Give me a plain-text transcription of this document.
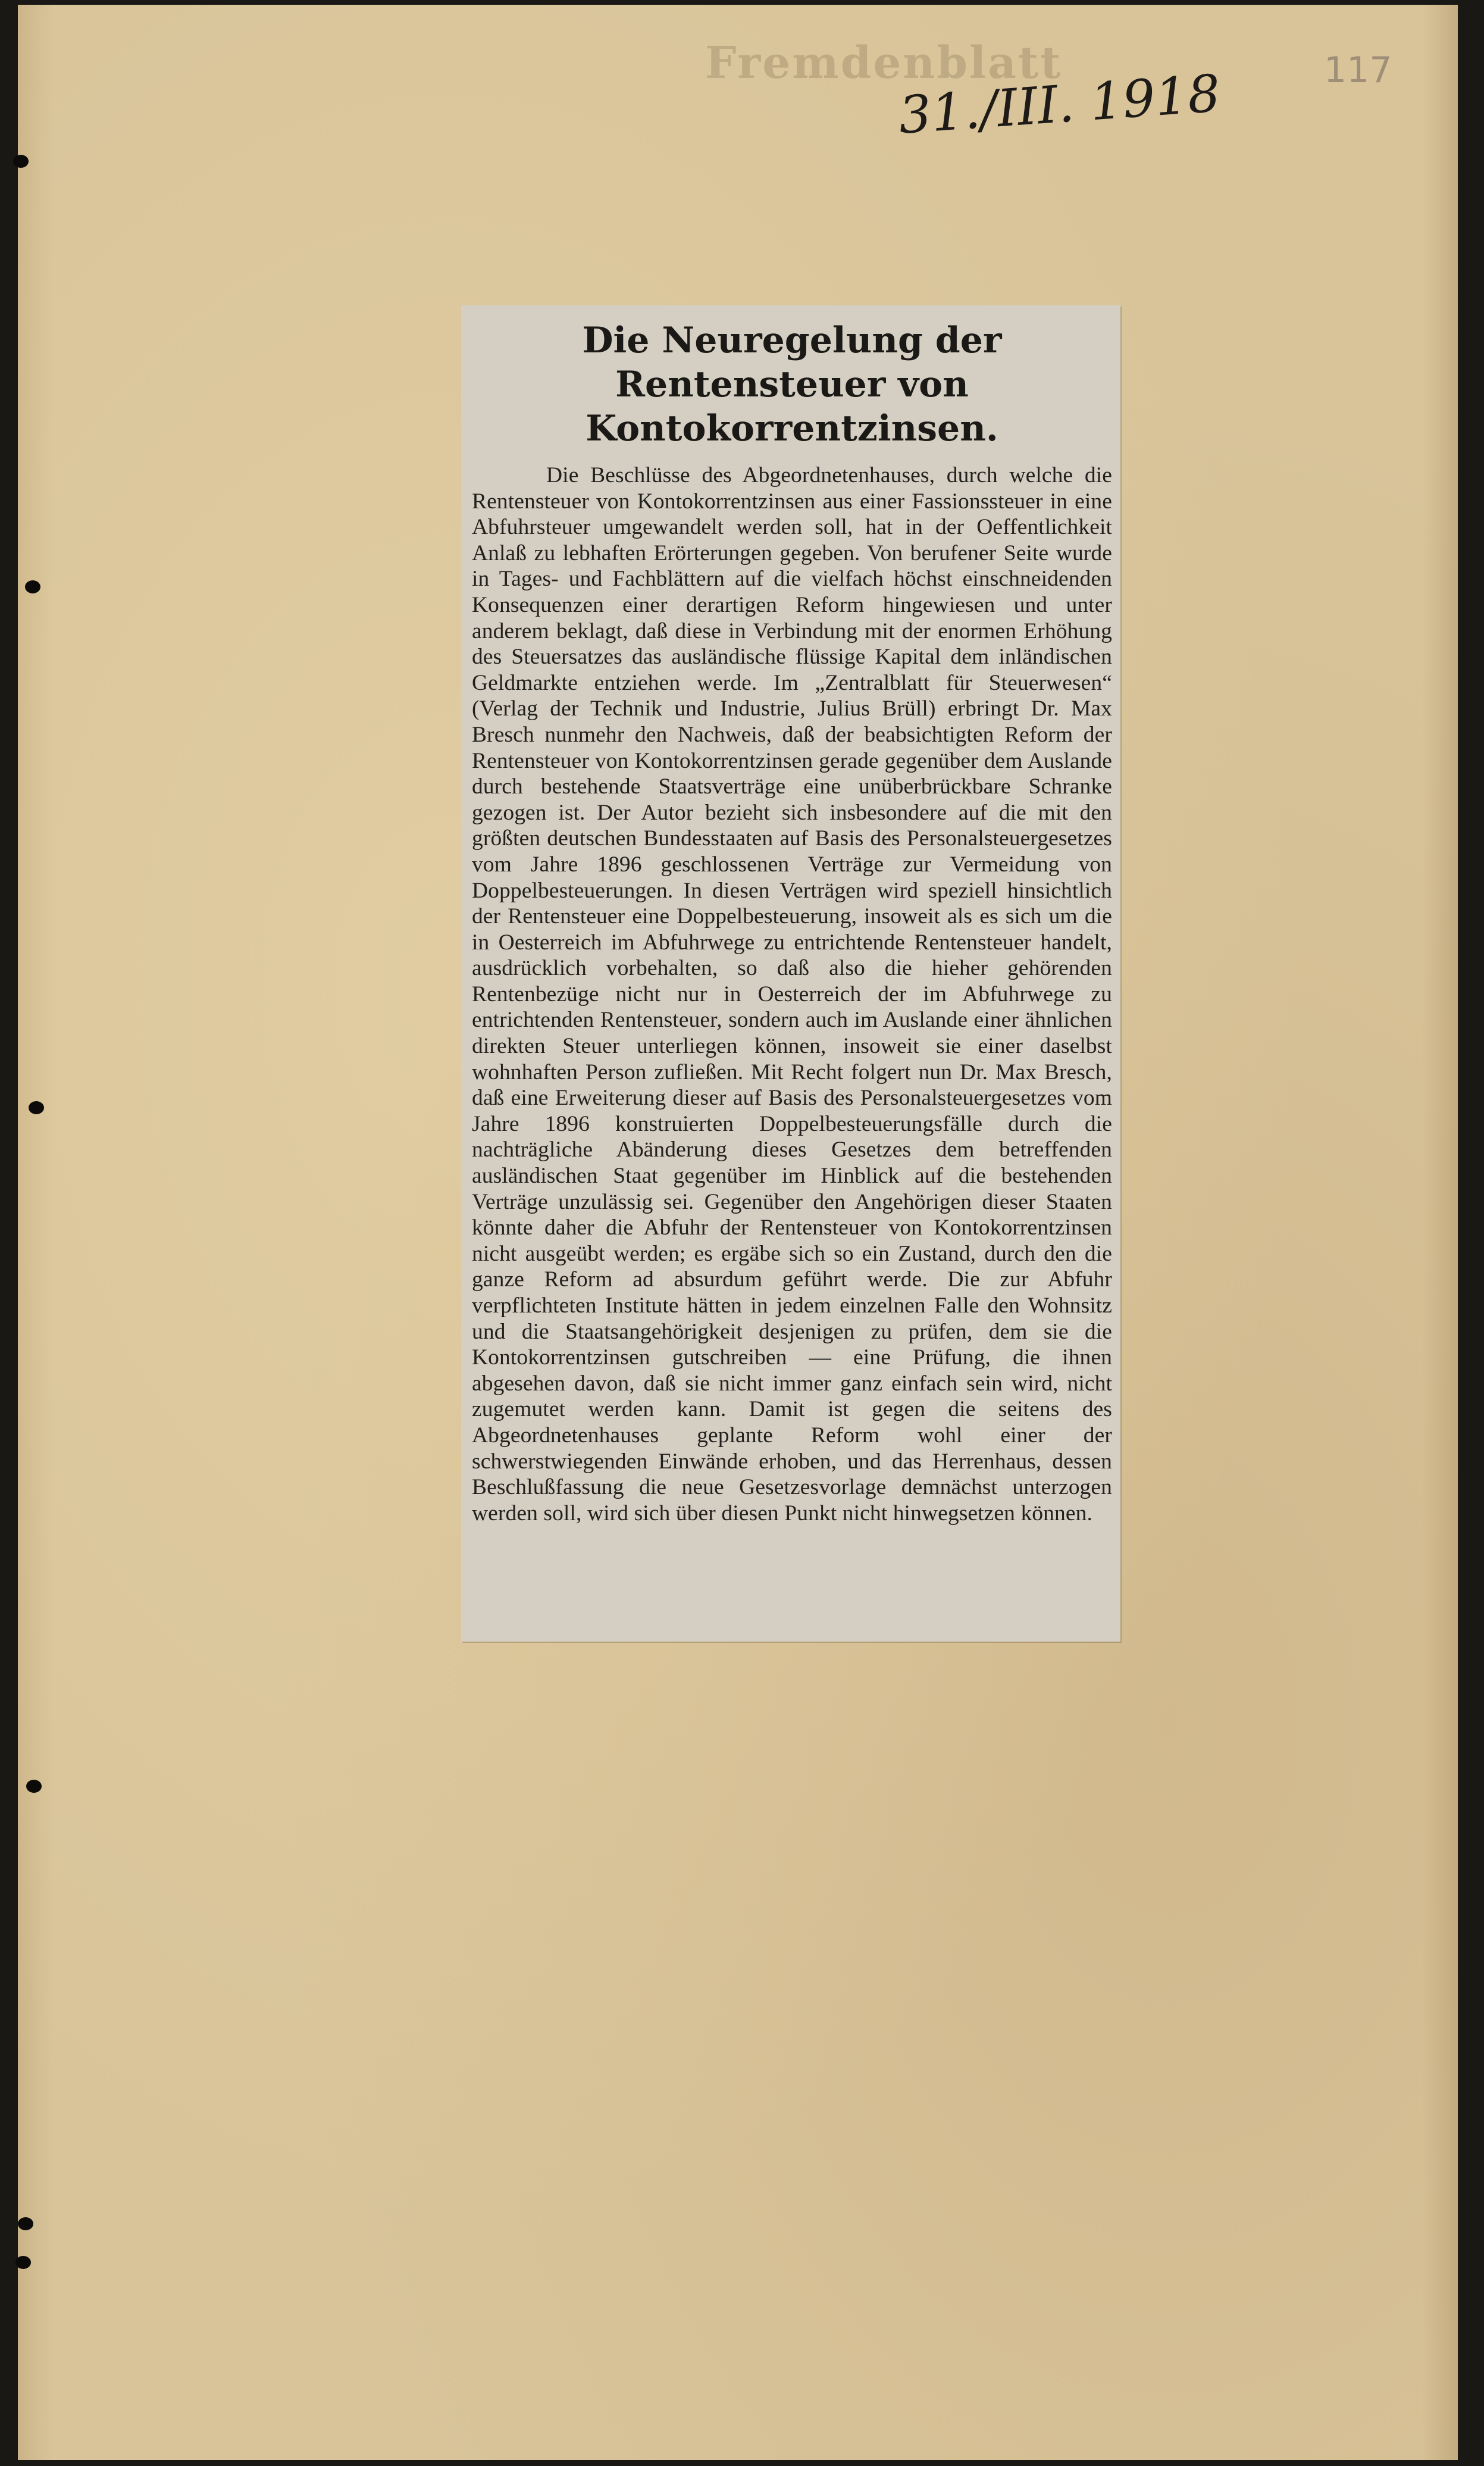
Fremdenblatt
31./III. 1918	117
Die Neuregelung der Rentensteuer von Kontokorrentzinsen.

Die Beschlüsse des Abgeordnetenhauses, durch welche die Rentensteuer von Kontokorrentzinsen aus einer Fassionssteuer in eine Abfuhrsteuer umgewandelt werden soll, hat in der Oeffentlichkeit Anlaß zu lebhaften Erörterungen gegeben. Von berufener Seite wurde in Tages- und Fachblättern auf die vielfach höchst einschneidenden Konsequenzen einer derartigen Reform hingewiesen und unter anderem beklagt, daß diese in Verbindung mit der enormen Erhöhung des Steuersatzes das ausländische flüssige Kapital dem inländischen Geldmarkte entziehen werde. Im „Zentralblatt für Steuerwesen“ (Verlag der Technik und Industrie, Julius Brüll) erbringt Dr. Max Bresch nunmehr den Nachweis, daß der beabsichtigten Reform der Rentensteuer von Kontokorrentzinsen gerade gegenüber dem Auslande durch bestehende Staatsverträge eine unüberbrückbare Schranke gezogen ist. Der Autor bezieht sich insbesondere auf die mit den größten deutschen Bundesstaaten auf Basis des Personalsteuergesetzes vom Jahre 1896 geschlossenen Verträge zur Vermeidung von Doppelbesteuerungen. In diesen Verträgen wird speziell hinsichtlich der Rentensteuer eine Doppelbesteuerung, insoweit als es sich um die in Oesterreich im Abfuhrwege zu entrichtende Rentensteuer handelt, ausdrücklich vorbehalten, so daß also die hieher gehörenden Rentenbezüge nicht nur in Oesterreich der im Abfuhrwege zu entrichtenden Rentensteuer, sondern auch im Auslande einer ähnlichen direkten Steuer unterliegen können, insoweit sie einer daselbst wohnhaften Person zufließen. Mit Recht folgert nun Dr. Max Bresch, daß eine Erweiterung dieser auf Basis des Personalsteuergesetzes vom Jahre 1896 konstruierten Doppelbesteuerungsfälle durch die nachträgliche Abänderung dieses Gesetzes dem betreffenden ausländischen Staat gegenüber im Hinblick auf die bestehenden Verträge unzulässig sei. Gegenüber den Angehörigen dieser Staaten könnte daher die Abfuhr der Rentensteuer von Kontokorrentzinsen nicht ausgeübt werden; es ergäbe sich so ein Zustand, durch den die ganze Reform ad absurdum geführt werde. Die zur Abfuhr verpflichteten Institute hätten in jedem einzelnen Falle den Wohnsitz und die Staatsangehörigkeit desjenigen zu prüfen, dem sie die Kontokorrentzinsen gutschreiben — eine Prüfung, die ihnen abgesehen davon, daß sie nicht immer ganz einfach sein wird, nicht zugemutet werden kann. Damit ist gegen die seitens des Abgeordnetenhauses geplante Reform wohl einer der schwerstwiegenden Einwände erhoben, und das Herrenhaus, dessen Beschlußfassung die neue Gesetzesvorlage demnächst unterzogen werden soll, wird sich über diesen Punkt nicht hinwegsetzen können.
